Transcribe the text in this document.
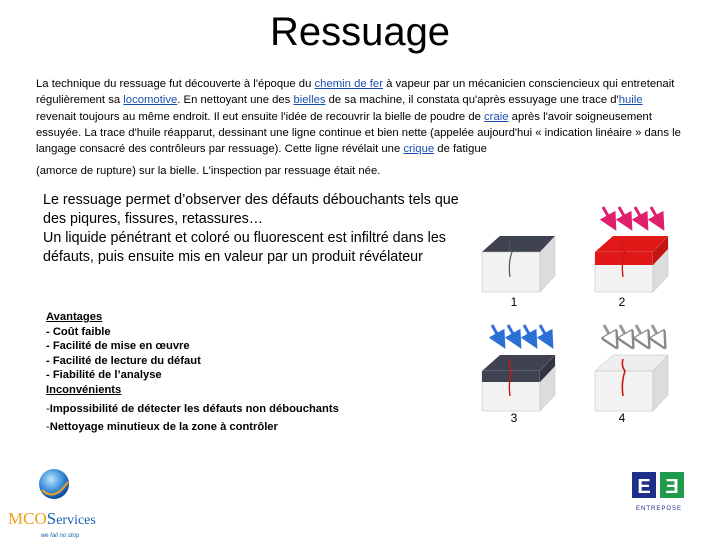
Ressuage
La technique du ressuage fut découverte à l'époque du chemin de fer à vapeur par un mécanicien consciencieux qui entretenait régulièrement sa locomotive. En nettoyant une des bielles de sa machine, il constata qu'après essuyage une trace d'huile revenait toujours au même endroit. Il eut ensuite l'idée de recouvrir la bielle de poudre de craie après l'avoir soigneusement essuyée. La trace d'huile réapparut, dessinant une ligne continue et bien nette (appelée aujourd'hui « indication linéaire » dans le langage consacré des contrôleurs par ressuage). Cette ligne révélait une crique de fatigue
(amorce de rupture) sur la bielle. L'inspection par ressuage était née.
Le ressuage permet d’observer des défauts débouchants tels que des piqures, fissures, retassures…
Un liquide pénétrant et coloré ou fluorescent est infiltré dans les défauts, puis ensuite mis en valeur par un produit révélateur
Avantages
- Coût faible
- Facilité de mise en œuvre
- Facilité de lecture du défaut
- Fiabilité de l’analyse
Inconvénients
-Impossibilité de détecter les défauts non débouchants
-Nettoyage minutieux de la zone à contrôler
1	2
3	4
MCOServices
we fail no stop
E Ǝ
ENTREPOSE
